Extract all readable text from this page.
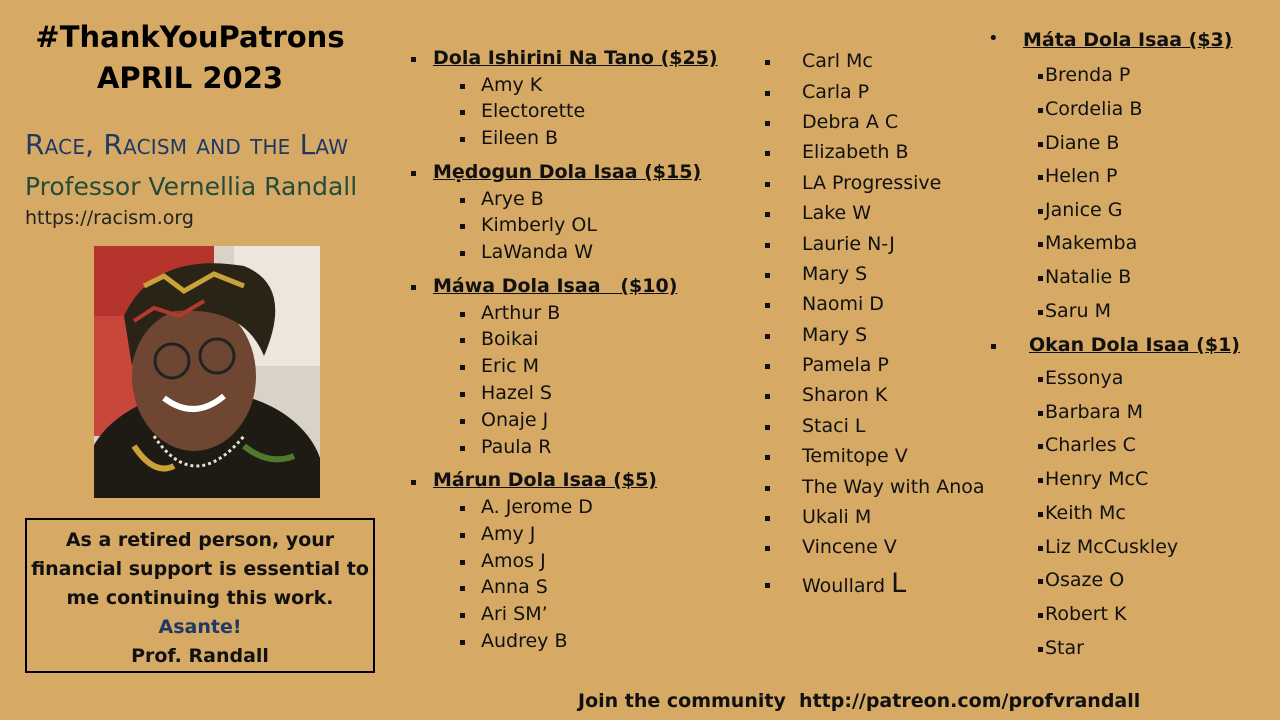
#ThankYouPatrons
APRIL 2023
Race, Racism and the Law
Professor Vernellia Randall
https://racism.org
As a retired person, your
financial support is essential to
me continuing this work.
Asante!
Prof. Randall
Dola Ishirini Na Tano ($25)
Amy K
Electorette
Eileen B
Mẹdogun Dola Isaa ($15)
Arye B
Kimberly OL
LaWanda W
Máwa Dola Isaa   ($10)
Arthur B
Boikai
Eric M
Hazel S
Onaje J
Paula R
Márun Dola Isaa ($5)
A. Jerome D
Amy J
Amos J
Anna S
Ari SM’
Audrey B
Carl Mc
Carla P
Debra A C
Elizabeth B
LA Progressive
Lake W
Laurie N-J
Mary S
Naomi D
Mary S
Pamela P
Sharon K
Staci L
Temitope V
The Way with Anoa
Ukali M
Vincene V
Woullard L
• Máta Dola Isaa ($3)
Brenda P
Cordelia B
Diane B
Helen P
Janice G
Makemba
Natalie B
Saru M
Okan Dola Isaa ($1)
Essonya
Barbara M
Charles C
Henry McC
Keith Mc
Liz McCuskley
Osaze O
Robert K
Star
Join the community  http://patreon.com/profvrandall
